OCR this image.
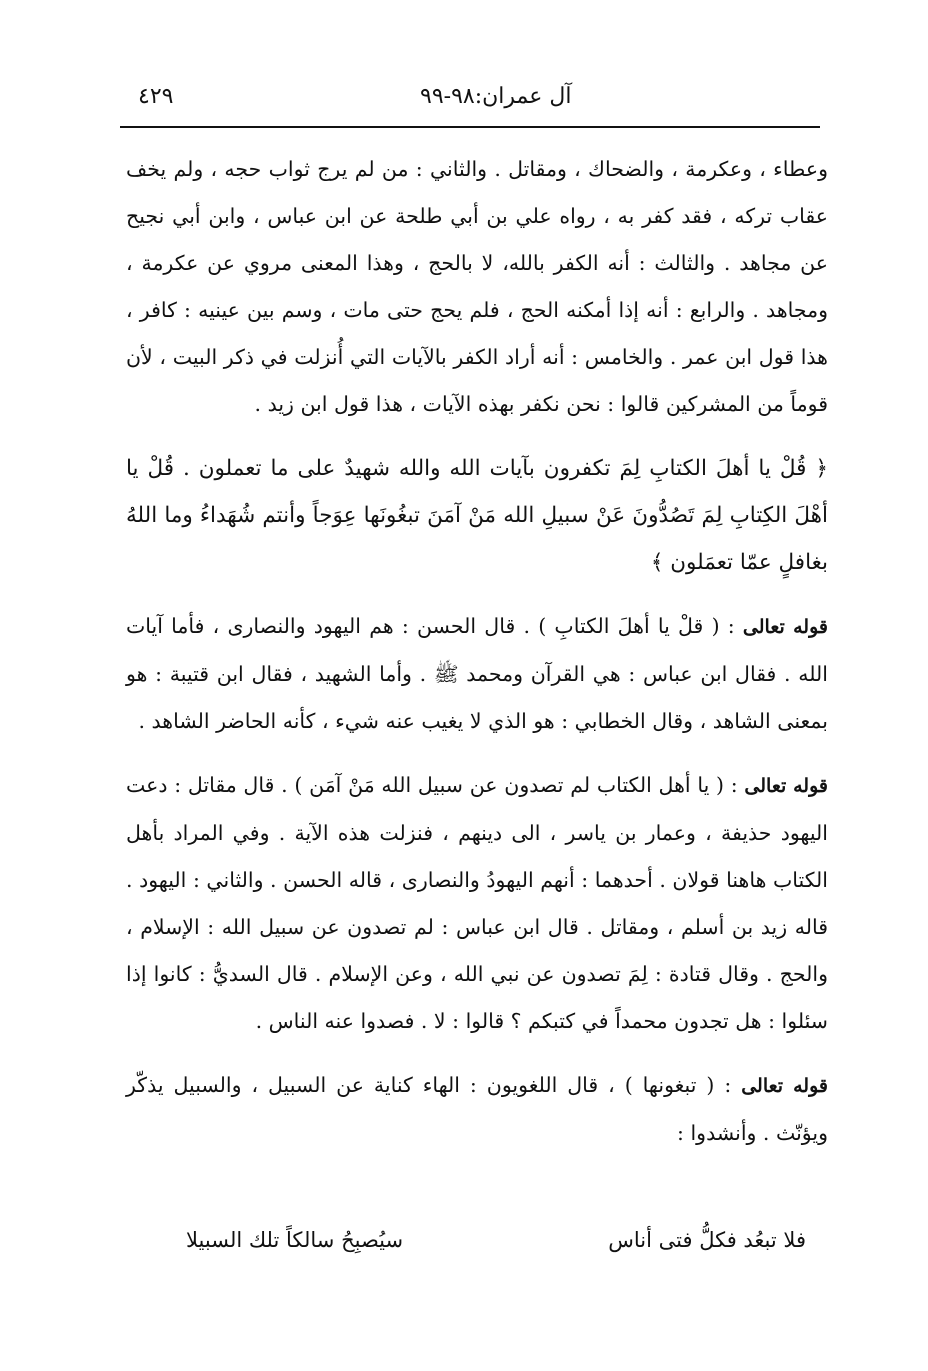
٤٢٩	آل عمران:٩٨-٩٩

وعطاء ، وعكرمة ، والضحاك ، ومقاتل . والثاني : من لم يرج ثواب حجه ، ولم يخف عقاب تركه ، فقد كفر به ، رواه علي بن أبي طلحة عن ابن عباس ، وابن أبي نجيح عن مجاهد . والثالث : أنه الكفر بالله، لا بالحج ، وهذا المعنى مروي عن عكرمة ، ومجاهد . والرابع : أنه إذا أمكنه الحج ، فلم يحج حتى مات ، وسم بين عينيه : كافر ، هذا قول ابن عمر . والخامس : أنه أراد الكفر بالآيات التي أُنزلت في ذكر البيت ، لأن قوماً من المشركين قالوا : نحن نكفر بهذه الآيات ، هذا قول ابن زيد .

﴿ قُلْ يا أهلَ الكتابِ لِمَ تكفرون بآيات الله والله شهيدٌ على ما تعملون . قُلْ يا أهْلَ الكِتابِ لِمَ تَصُدُّونَ عَنْ سبيلِ الله مَنْ آمَنَ تبغُونَها عِوَجاً وأنتم شُهَداءُ وما اللهُ بغافلٍ عمّا تعمَلون ﴾

قوله تعالى : ( قلْ يا أهلَ الكتابِ ) . قال الحسن : هم اليهود والنصارى ، فأما آيات الله . فقال ابن عباس : هي القرآن ومحمد ﷺ . وأما الشهيد ، فقال ابن قتيبة : هو بمعنى الشاهد ، وقال الخطابي : هو الذي لا يغيب عنه شيء ، كأنه الحاضر الشاهد .

قوله تعالى : ( يا أهل الكتاب لم تصدون عن سبيل الله مَنْ آمَن ) . قال مقاتل : دعت اليهود حذيفة ، وعمار بن ياسر ، الى دينهم ، فنزلت هذه الآية . وفي المراد بأهل الكتاب هاهنا قولان . أحدهما : أنهم اليهودُ والنصارى ، قاله الحسن . والثاني : اليهود . قاله زيد بن أسلم ، ومقاتل . قال ابن عباس : لم تصدون عن سبيل الله : الإسلام ، والحج . وقال قتادة : لِمَ تصدون عن نبي الله ، وعن الإسلام . قال السديُّ : كانوا إذا سئلوا : هل تجدون محمداً في كتبكم ؟ قالوا : لا . فصدوا عنه الناس .

قوله تعالى : ( تبغونها ) ، قال اللغويون : الهاء كناية عن السبيل ، والسبيل يذكّر ويؤنّث . وأنشدوا :

فلا تبعُد فكلُّ فتى أناس
سيُصبِحُ سالكاً تلك السبيلا
